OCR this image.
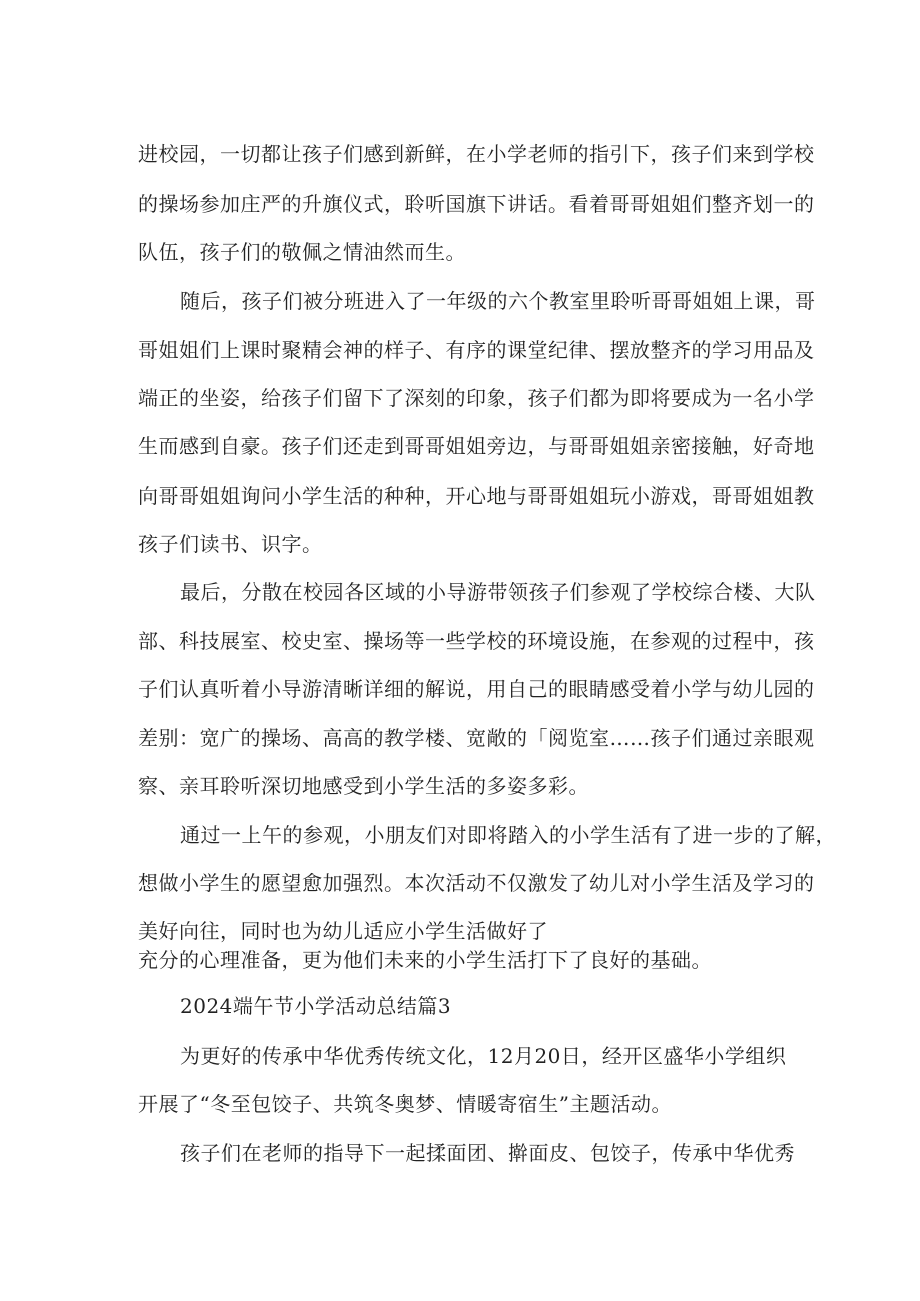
进校园，一切都让孩子们感到新鲜，在小学老师的指引下，孩子们来到学校
的操场参加庄严的升旗仪式，聆听国旗下讲话。看着哥哥姐姐们整齐划一的
队伍，孩子们的敬佩之情油然而生。
随后，孩子们被分班进入了一年级的六个教室里聆听哥哥姐姐上课，哥
哥姐姐们上课时聚精会神的样子、有序的课堂纪律、摆放整齐的学习用品及
端正的坐姿，给孩子们留下了深刻的印象，孩子们都为即将要成为一名小学
生而感到自豪。孩子们还走到哥哥姐姐旁边，与哥哥姐姐亲密接触，好奇地
向哥哥姐姐询问小学生活的种种，开心地与哥哥姐姐玩小游戏，哥哥姐姐教
孩子们读书、识字。
最后，分散在校园各区域的小导游带领孩子们参观了学校综合楼、大队
部、科技展室、校史室、操场等一些学校的环境设施，在参观的过程中，孩
子们认真听着小导游清晰详细的解说，用自己的眼睛感受着小学与幼儿园的
差别：宽广的操场、高高的教学楼、宽敞的「阅览室……孩子们通过亲眼观
察、亲耳聆听深切地感受到小学生活的多姿多彩。
通过一上午的参观，小朋友们对即将踏入的小学生活有了进一步的了解，
想做小学生的愿望愈加强烈。本次活动不仅激发了幼儿对小学生活及学习的
美好向往，同时也为幼儿适应小学生活做好了
充分的心理准备，更为他们未来的小学生活打下了良好的基础。
2024端午节小学活动总结篇3
为更好的传承中华优秀传统文化，12月20日，经开区盛华小学组织
开展了“冬至包饺子、共筑冬奥梦、情暖寄宿生”主题活动。
孩子们在老师的指导下一起揉面团、擀面皮、包饺子，传承中华优秀
